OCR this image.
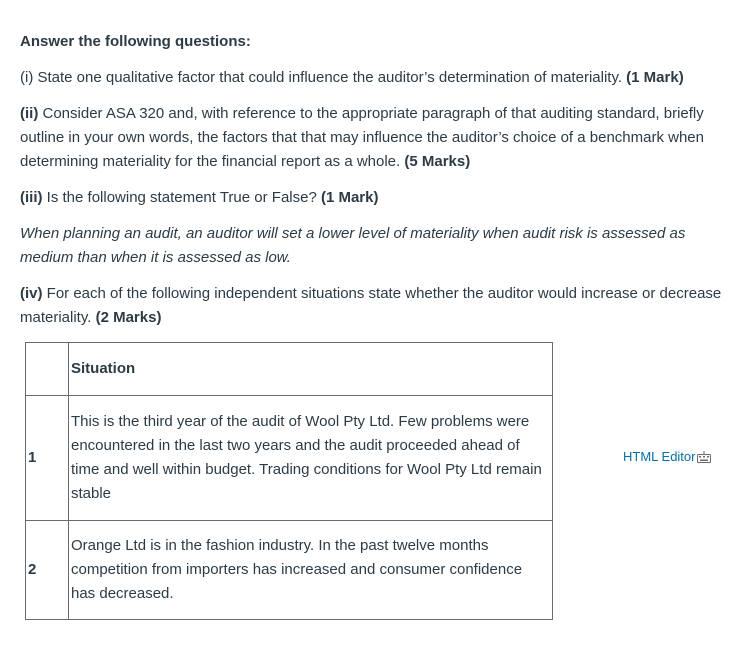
Answer the following questions:

(i) State one qualitative factor that could influence the auditor’s determination of materiality. (1 Mark)

(ii) Consider ASA 320 and, with reference to the appropriate paragraph of that auditing standard, briefly outline in your own words, the factors that that may influence the auditor’s choice of a benchmark when determining materiality for the financial report as a whole. (5 Marks)

(iii) Is the following statement True or False? (1 Mark)

When planning an audit, an auditor will set a lower level of materiality when audit risk is assessed as medium than when it is assessed as low.

(iv) For each of the following independent situations state whether the auditor would increase or decrease materiality. (2 Marks)

	Situation
1	This is the third year of the audit of Wool Pty Ltd. Few problems were encountered in the last two years and the audit proceeded ahead of time and well within budget. Trading conditions for Wool Pty Ltd remain stable
2	Orange Ltd is in the fashion industry. In the past twelve months competition from importers has increased and consumer confidence has decreased.
HTML Editor
